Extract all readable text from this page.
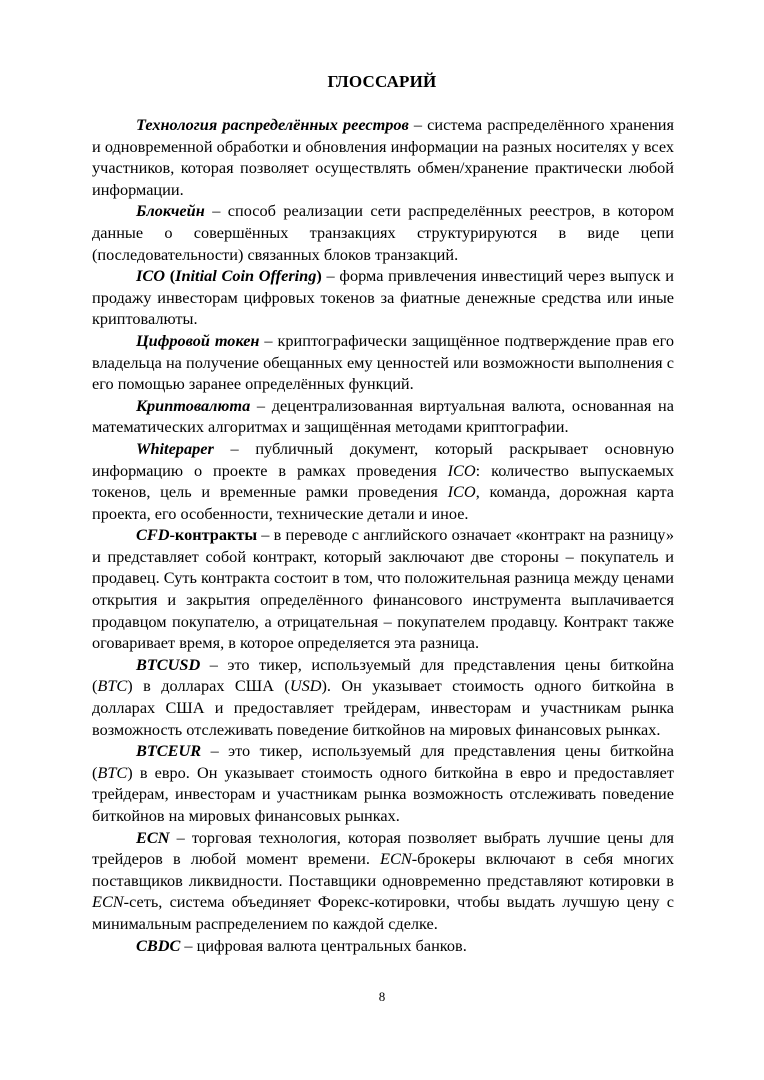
ГЛОССАРИЙ

Технология распределённых реестров – система распределённого хранения и одновременной обработки и обновления информации на разных носителях у всех участников, которая позволяет осуществлять обмен/хранение практически любой информации.

Блокчейн – способ реализации сети распределённых реестров, в котором данные о совершённых транзакциях структурируются в виде цепи (последовательности) связанных блоков транзакций.

ICO (Initial Coin Offering) – форма привлечения инвестиций через выпуск и продажу инвесторам цифровых токенов за фиатные денежные средства или иные криптовалюты.

Цифровой токен – криптографически защищённое подтверждение прав его владельца на получение обещанных ему ценностей или возможности выполнения с его помощью заранее определённых функций.

Криптовалюта – децентрализованная виртуальная валюта, основанная на математических алгоритмах и защищённая методами криптографии.

Whitepaper – публичный документ, который раскрывает основную информацию о проекте в рамках проведения ICO: количество выпускаемых токенов, цель и временные рамки проведения ICO, команда, дорожная карта проекта, его особенности, технические детали и иное.

CFD-контракты – в переводе с английского означает «контракт на разницу» и представляет собой контракт, который заключают две стороны – покупатель и продавец. Суть контракта состоит в том, что положительная разница между ценами открытия и закрытия определённого финансового инструмента выплачивается продавцом покупателю, а отрицательная – покупателем продавцу. Контракт также оговаривает время, в которое определяется эта разница.

BTCUSD – это тикер, используемый для представления цены биткойна (BTC) в долларах США (USD). Он указывает стоимость одного биткойна в долларах США и предоставляет трейдерам, инвесторам и участникам рынка возможность отслеживать поведение биткойнов на мировых финансовых рынках.

BTCEUR – это тикер, используемый для представления цены биткойна (BTC) в евро. Он указывает стоимость одного биткойна в евро и предоставляет трейдерам, инвесторам и участникам рынка возможность отслеживать поведение биткойнов на мировых финансовых рынках.

ECN – торговая технология, которая позволяет выбрать лучшие цены для трейдеров в любой момент времени. ECN-брокеры включают в себя многих поставщиков ликвидности. Поставщики одновременно представляют котировки в ECN-сеть, система объединяет Форекс-котировки, чтобы выдать лучшую цену с минимальным распределением по каждой сделке.

CBDC – цифровая валюта центральных банков.

8
